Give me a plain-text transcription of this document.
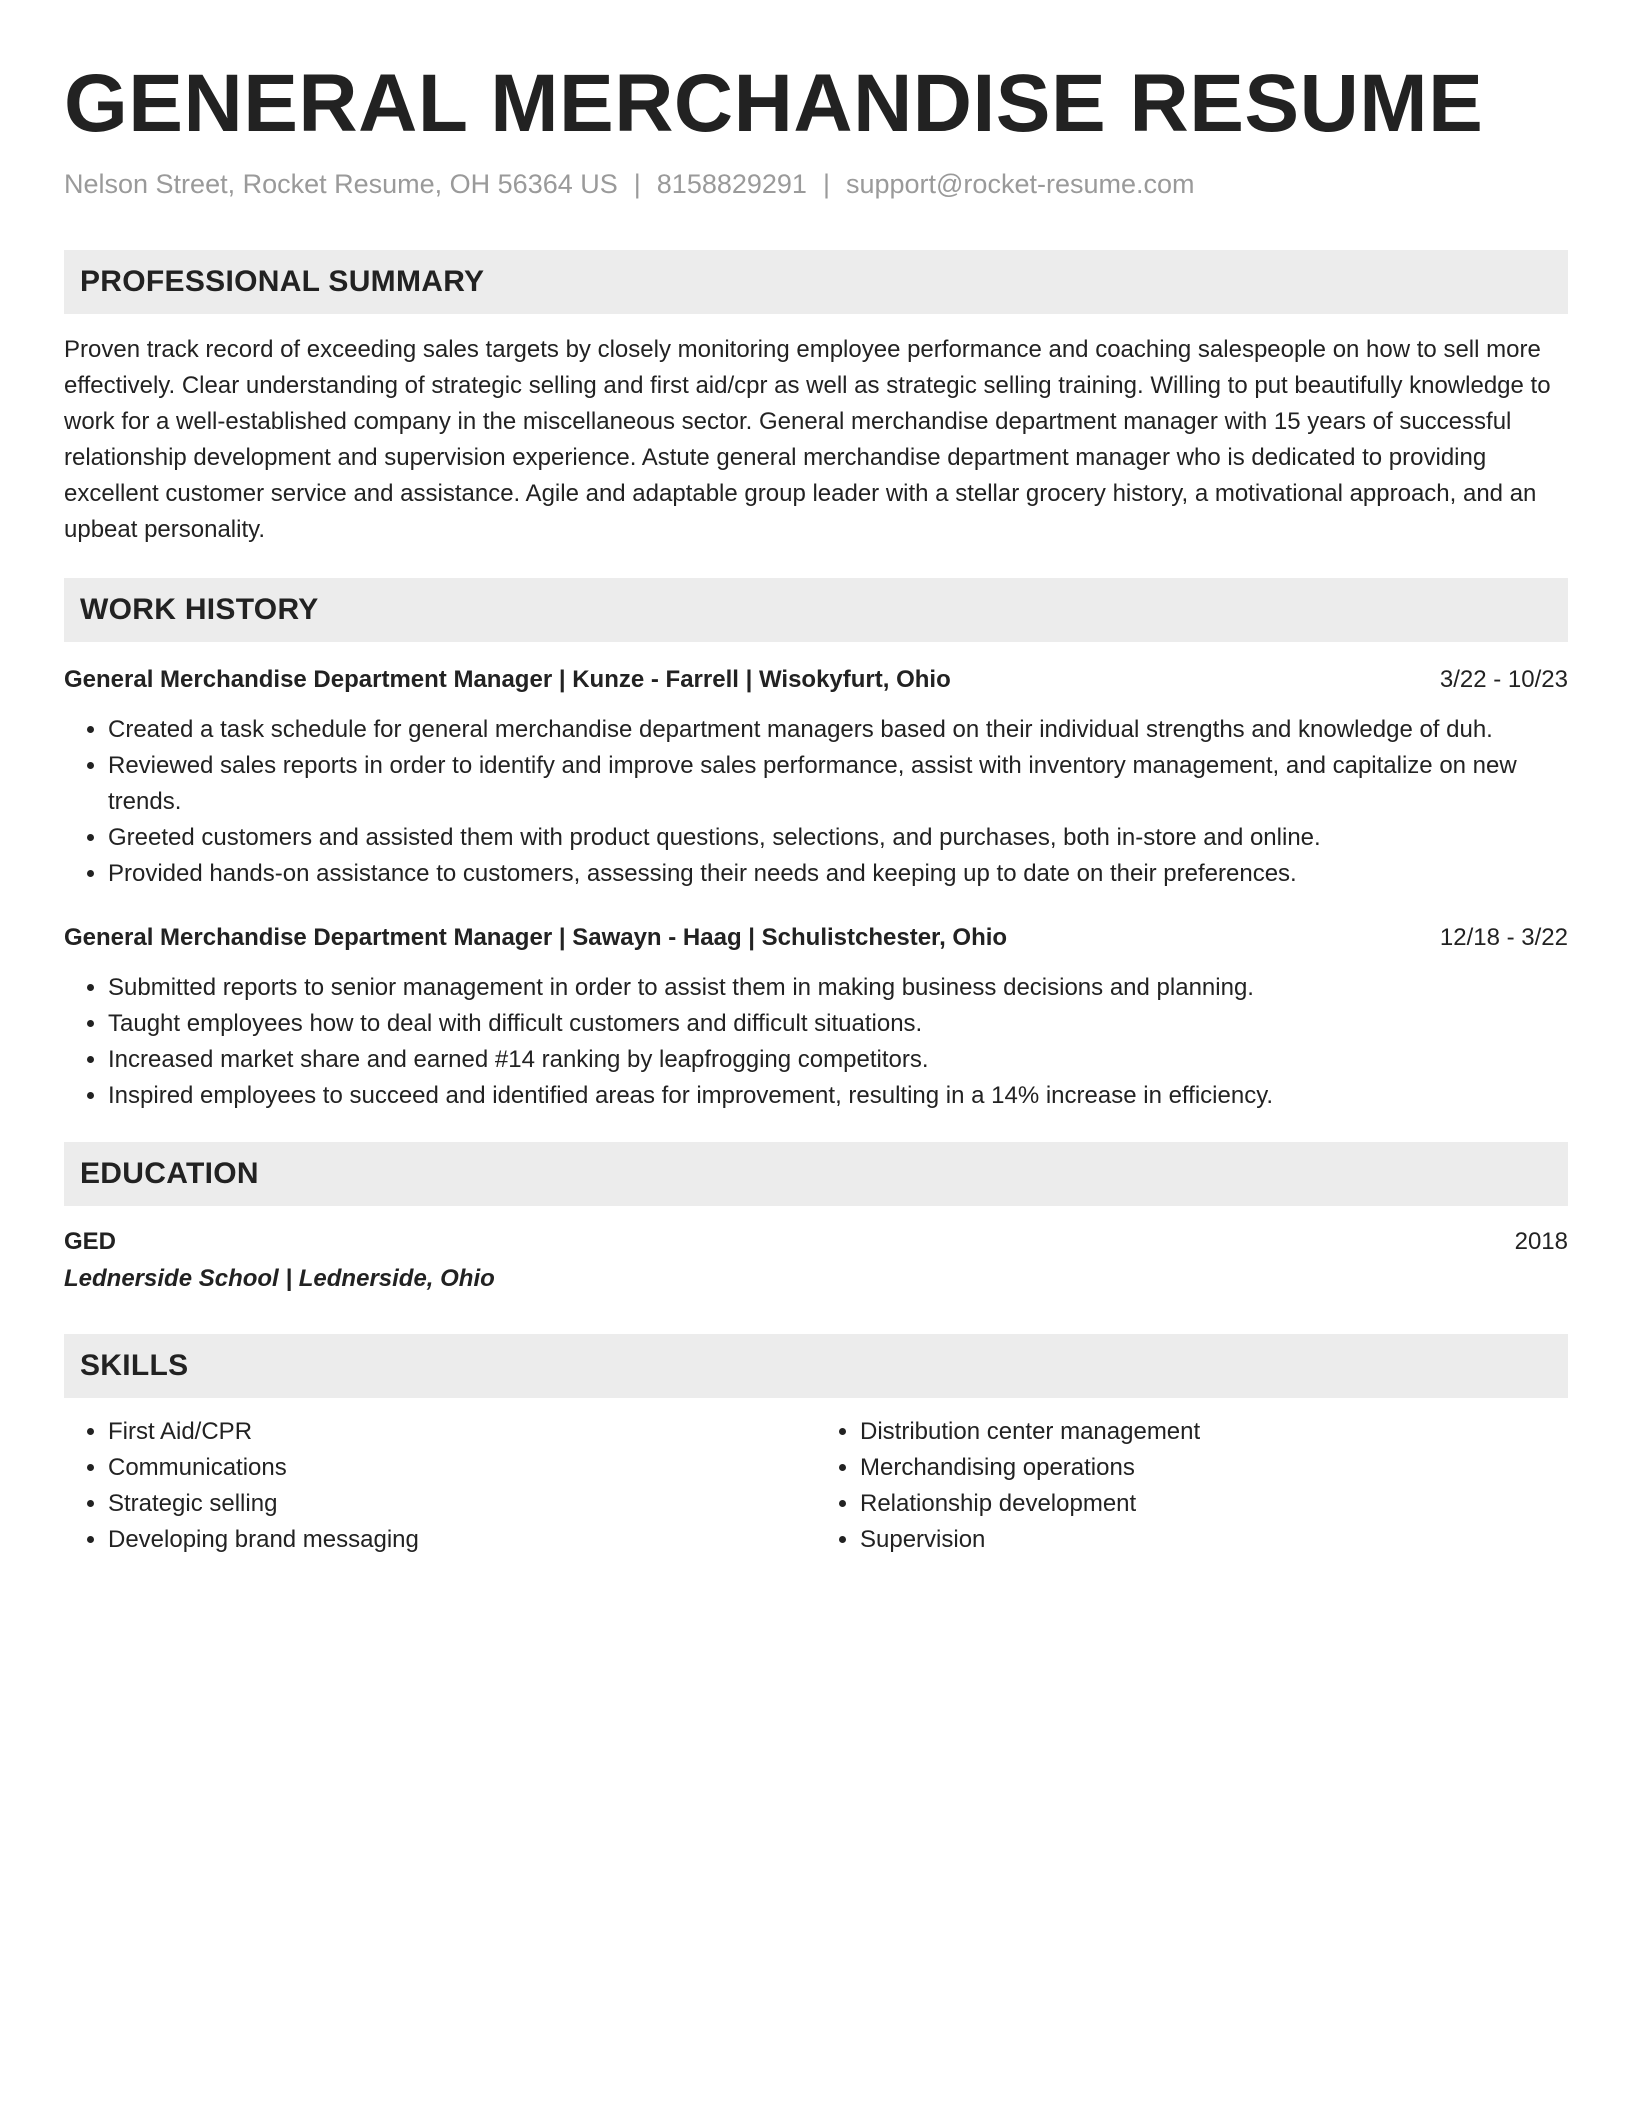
GENERAL MERCHANDISE RESUME
Nelson Street, Rocket Resume, OH 56364 US | 8158829291 | support@rocket-resume.com
PROFESSIONAL SUMMARY
Proven track record of exceeding sales targets by closely monitoring employee performance and coaching salespeople on how to sell more effectively. Clear understanding of strategic selling and first aid/cpr as well as strategic selling training. Willing to put beautifully knowledge to work for a well-established company in the miscellaneous sector. General merchandise department manager with 15 years of successful relationship development and supervision experience. Astute general merchandise department manager who is dedicated to providing excellent customer service and assistance. Agile and adaptable group leader with a stellar grocery history, a motivational approach, and an upbeat personality.
WORK HISTORY
General Merchandise Department Manager | Kunze - Farrell | Wisokyfurt, Ohio	3/22 - 10/23
• Created a task schedule for general merchandise department managers based on their individual strengths and knowledge of duh.
• Reviewed sales reports in order to identify and improve sales performance, assist with inventory management, and capitalize on new trends.
• Greeted customers and assisted them with product questions, selections, and purchases, both in-store and online.
• Provided hands-on assistance to customers, assessing their needs and keeping up to date on their preferences.
General Merchandise Department Manager | Sawayn - Haag | Schulistchester, Ohio	12/18 - 3/22
• Submitted reports to senior management in order to assist them in making business decisions and planning.
• Taught employees how to deal with difficult customers and difficult situations.
• Increased market share and earned #14 ranking by leapfrogging competitors.
• Inspired employees to succeed and identified areas for improvement, resulting in a 14% increase in efficiency.
EDUCATION
GED	2018
Lednerside School | Lednerside, Ohio
SKILLS
• First Aid/CPR
• Communications
• Strategic selling
• Developing brand messaging
• Distribution center management
• Merchandising operations
• Relationship development
• Supervision
